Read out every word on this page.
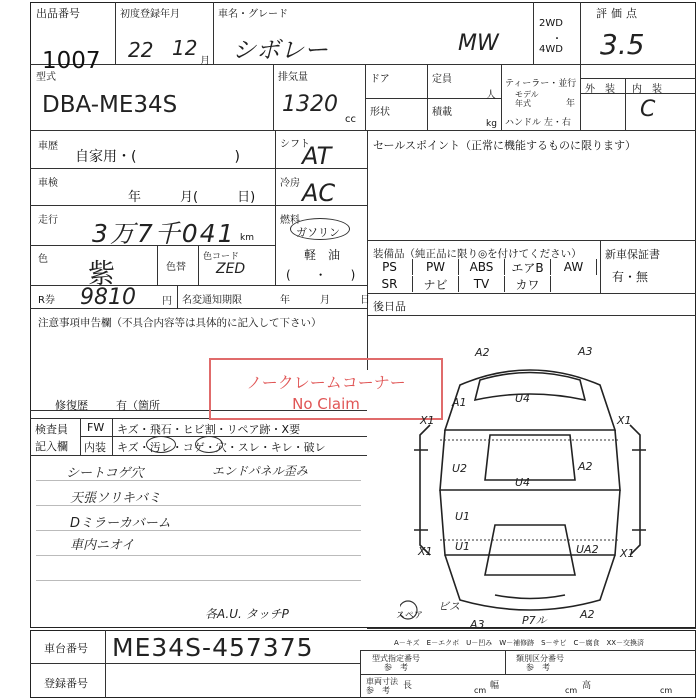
出品番号
1007
初度登録年月
22 12
月
車名・グレード
シボレー	MW
2WD
・
4WD
評価点
3.5
型式
DBA-ME34S
排気量
1320
cc
ドア	定員
人
形状	積載
kg
ティーラー・並行
モデル
年式	年
ハンドル 左・右
外　装 内　装
C
車歴
自家用・(　　　　　　　)
シフト
AT
車検
年　　　月(　　　日)
冷房 AC
走行 3万7千041 km
燃料
ガソリン
軽　油
(　　・　　)
色 紫	色替
色コード
ZED
R券 9810	円 名変通知期限	年　　　月　　　日
注意事項申告欄（不具合内容等は具体的に記入して下さい）
修復歴	有（箇所
セールスポイント（正常に機能するものに限ります）
装備品（純正品に限り◎を付けてください） 新車保証書
有・無
PS	PW	ABS	エアB	AW
SR	ナビ	TV	カワ
後日品
検査員
記入欄
FW キズ・飛石・ヒビ割・リペア跡・X要
内装 キズ・汚レ・コゲ・穴・スレ・キレ・破レ
シートコゲ穴
天張ソリキバミ
Dミラーカバーム
車内ニオイ
エンドパネル歪み
各A.U. タッチP
ノークレームコーナー
No Claim
A2	A3
A1	U4
X1	X1
U2
U4
A2
U1
U1
X1	UA2 X1
ビス
A3	P7ル	A2
スペア
A－キズ　E－エクボ　U－凹み　W－補修跡　S－サビ　C－腐食　XX－交換済
車台番号 ME34S-457375
登録番号
型式指定番号
参　考
類別区分番号
参　考
車両寸法
参　考	長	cm 幅	cm 高	cm
